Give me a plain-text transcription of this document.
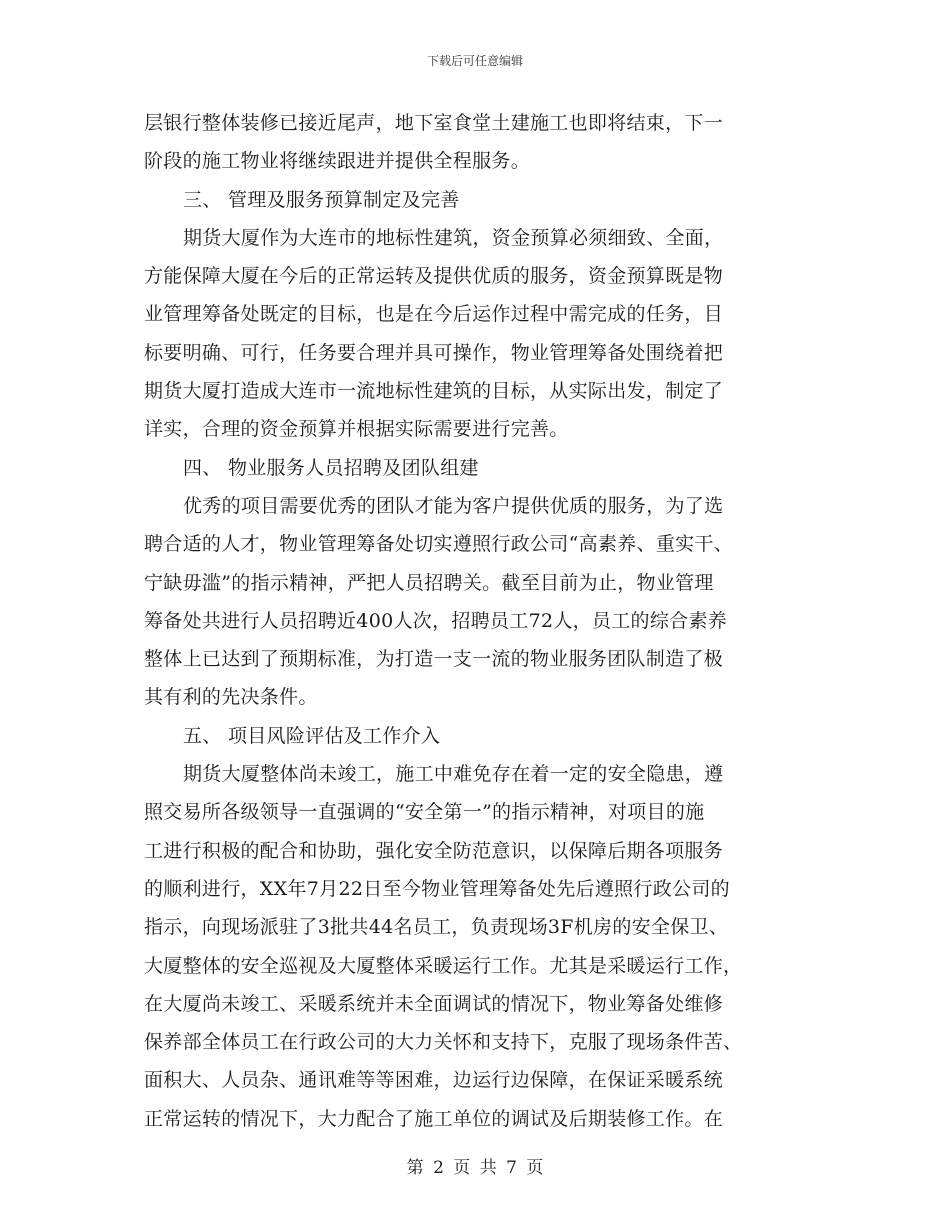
下载后可任意编辑
层银行整体装修已接近尾声，地下室食堂土建施工也即将结束，下一
阶段的施工物业将继续跟进并提供全程服务。
三、 管理及服务预算制定及完善
期货大厦作为大连市的地标性建筑，资金预算必须细致、全面，
方能保障大厦在今后的正常运转及提供优质的服务，资金预算既是物
业管理筹备处既定的目标，也是在今后运作过程中需完成的任务，目
标要明确、可行，任务要合理并具可操作，物业管理筹备处围绕着把
期货大厦打造成大连市一流地标性建筑的目标，从实际出发，制定了
详实，合理的资金预算并根据实际需要进行完善。
四、 物业服务人员招聘及团队组建
优秀的项目需要优秀的团队才能为客户提供优质的服务，为了选
聘合适的人才，物业管理筹备处切实遵照行政公司“高素养、重实干、
宁缺毋滥”的指示精神，严把人员招聘关。截至目前为止，物业管理
筹备处共进行人员招聘近400人次，招聘员工72人，员工的综合素养
整体上已达到了预期标准，为打造一支一流的物业服务团队制造了极
其有利的先决条件。
五、 项目风险评估及工作介入
期货大厦整体尚未竣工，施工中难免存在着一定的安全隐患，遵
照交易所各级领导一直强调的“安全第一”的指示精神，对项目的施
工进行积极的配合和协助，强化安全防范意识，以保障后期各项服务
的顺利进行，XX年7月22日至今物业管理筹备处先后遵照行政公司的
指示，向现场派驻了3批共44名员工，负责现场3F机房的安全保卫、
大厦整体的安全巡视及大厦整体采暖运行工作。尤其是采暖运行工作，
在大厦尚未竣工、采暖系统并未全面调试的情况下，物业筹备处维修
保养部全体员工在行政公司的大力关怀和支持下，克服了现场条件苦、
面积大、人员杂、通讯难等等困难，边运行边保障，在保证采暖系统
正常运转的情况下，大力配合了施工单位的调试及后期装修工作。在
第 2 页 共 7 页
